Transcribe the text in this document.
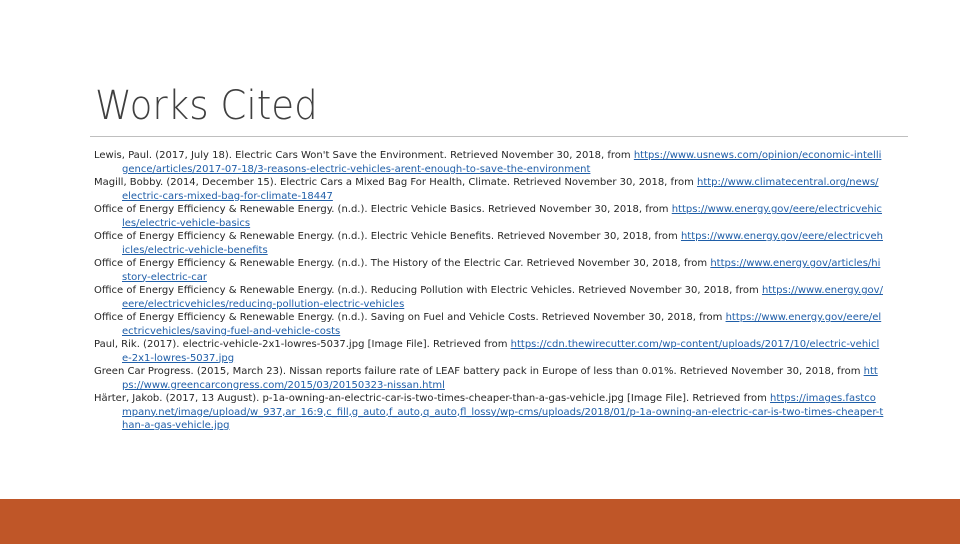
Works Cited

Lewis, Paul. (2017, July 18). Electric Cars Won't Save the Environment. Retrieved November 30, 2018, from https://www.usnews.com/opinion/economic-intelligence/articles/2017-07-18/3-reasons-electric-vehicles-arent-enough-to-save-the-environment

Magill, Bobby. (2014, December 15). Electric Cars a Mixed Bag For Health, Climate. Retrieved November 30, 2018, from http://www.climatecentral.org/news/electric-cars-mixed-bag-for-climate-18447

Office of Energy Efficiency & Renewable Energy. (n.d.). Electric Vehicle Basics. Retrieved November 30, 2018, from https://www.energy.gov/eere/electricvehicles/electric-vehicle-basics

Office of Energy Efficiency & Renewable Energy. (n.d.). Electric Vehicle Benefits. Retrieved November 30, 2018, from https://www.energy.gov/eere/electricvehicles/electric-vehicle-benefits

Office of Energy Efficiency & Renewable Energy. (n.d.). The History of the Electric Car. Retrieved November 30, 2018, from https://www.energy.gov/articles/history-electric-car

Office of Energy Efficiency & Renewable Energy. (n.d.). Reducing Pollution with Electric Vehicles. Retrieved November 30, 2018, from https://www.energy.gov/eere/electricvehicles/reducing-pollution-electric-vehicles

Office of Energy Efficiency & Renewable Energy. (n.d.). Saving on Fuel and Vehicle Costs. Retrieved November 30, 2018, from https://www.energy.gov/eere/electricvehicles/saving-fuel-and-vehicle-costs

Paul, Rik. (2017). electric-vehicle-2x1-lowres-5037.jpg [Image File]. Retrieved from https://cdn.thewirecutter.com/wp-content/uploads/2017/10/electric-vehicle-2x1-lowres-5037.jpg

Green Car Progress. (2015, March 23). Nissan reports failure rate of LEAF battery pack in Europe of less than 0.01%. Retrieved November 30, 2018, from https://www.greencarcongress.com/2015/03/20150323-nissan.html

Härter, Jakob. (2017, 13 August). p-1a-owning-an-electric-car-is-two-times-cheaper-than-a-gas-vehicle.jpg [Image File]. Retrieved from https://images.fastcompany.net/image/upload/w_937,ar_16:9,c_fill,g_auto,f_auto,q_auto,fl_lossy/wp-cms/uploads/2018/01/p-1a-owning-an-electric-car-is-two-times-cheaper-than-a-gas-vehicle.jpg
